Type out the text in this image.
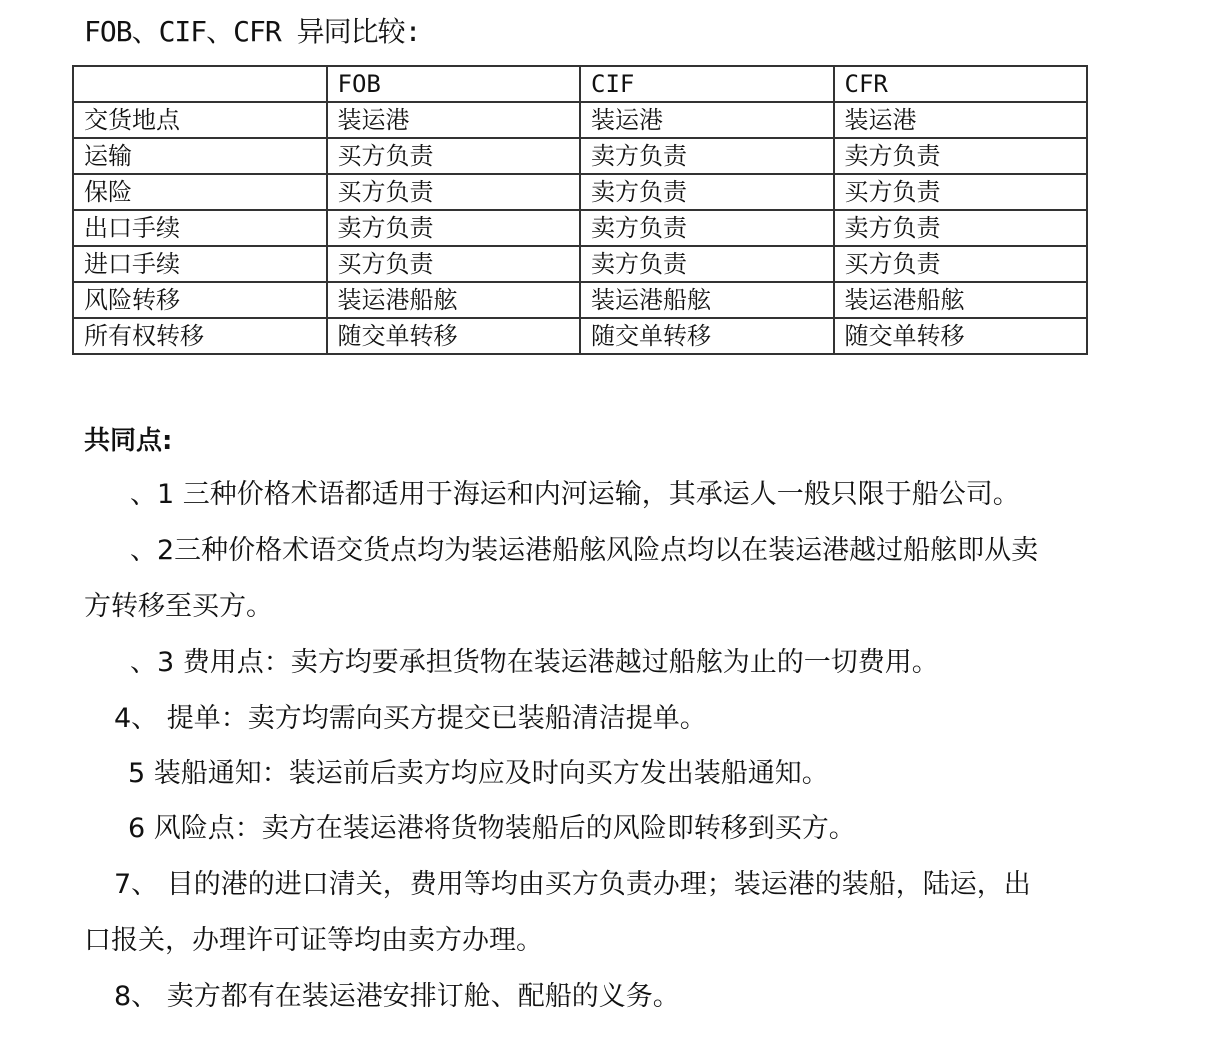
FOB、CIF、CFR 异同比较:
	FOB	CIF	CFR
交货地点	装运港	装运港	装运港
运输	买方负责	卖方负责	卖方负责
保险	买方负责	卖方负责	买方负责
出口手续	卖方负责	卖方负责	卖方负责
进口手续	买方负责	卖方负责	买方负责
风险转移	装运港船舷	装运港船舷	装运港船舷
所有权转移	随交单转移	随交单转移	随交单转移
共同点:
、1 三种价格术语都适用于海运和内河运输，其承运人一般只限于船公司。
、2三种价格术语交货点均为装运港船舷风险点均以在装运港越过船舷即从卖
方转移至买方。
、3 费用点：卖方均要承担货物在装运港越过船舷为止的一切费用。
4、 提单：卖方均需向买方提交已装船清洁提单。
5 装船通知：装运前后卖方均应及时向买方发出装船通知。
6 风险点：卖方在装运港将货物装船后的风险即转移到买方。
7、 目的港的进口清关，费用等均由买方负责办理；装运港的装船，陆运，出
口报关，办理许可证等均由卖方办理。
8、 卖方都有在装运港安排订舱、配船的义务。
